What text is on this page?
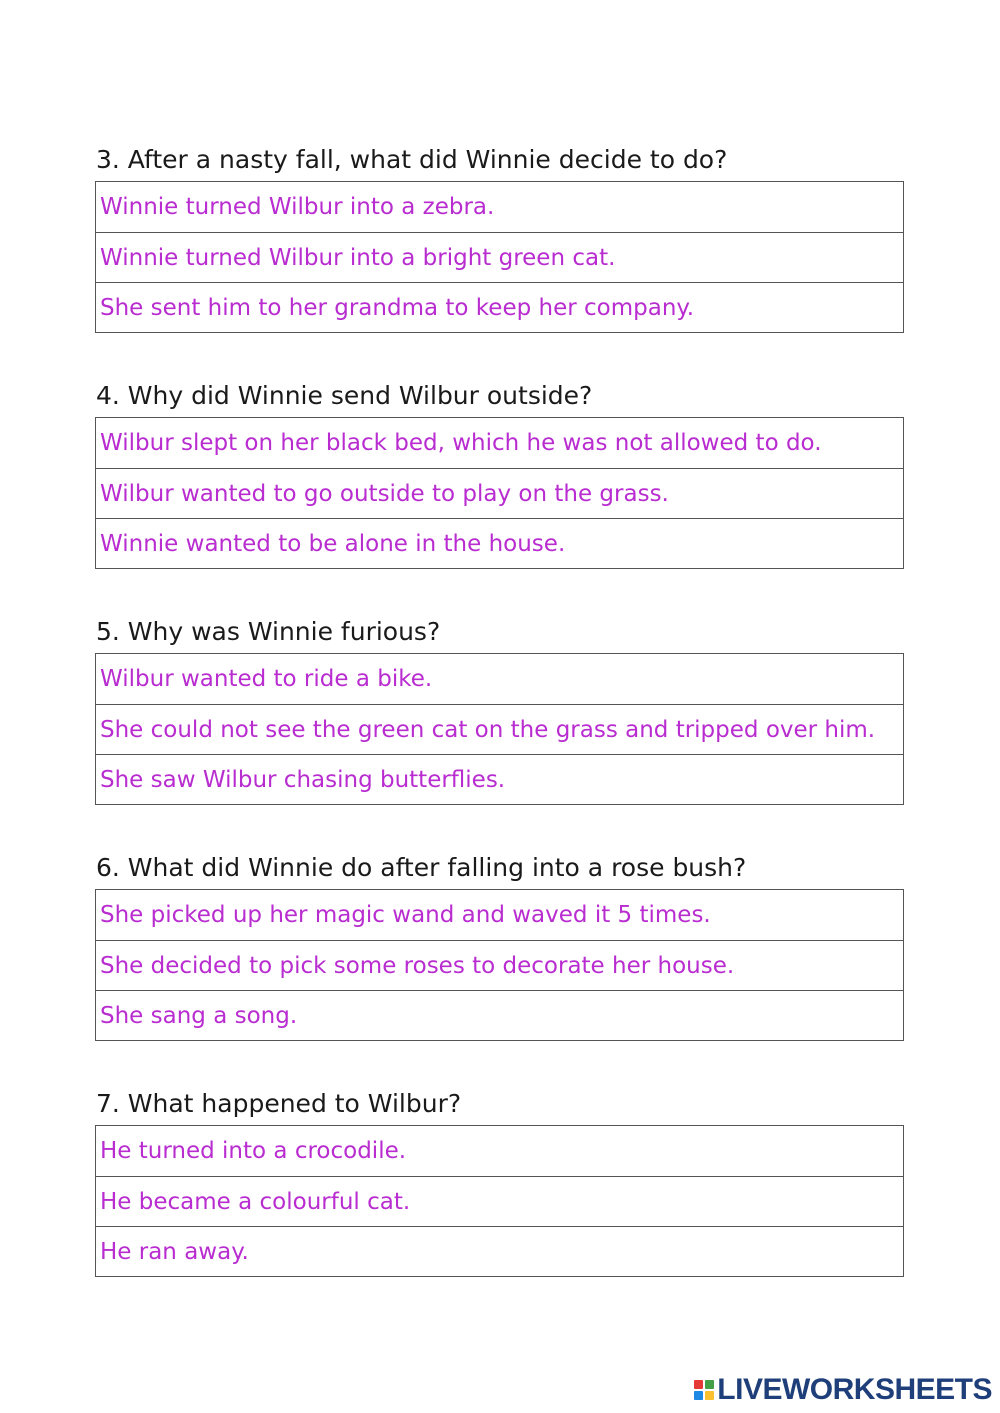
3. After a nasty fall, what did Winnie decide to do?
Winnie turned Wilbur into a zebra.
Winnie turned Wilbur into a bright green cat.
She sent him to her grandma to keep her company.
4. Why did Winnie send Wilbur outside?
Wilbur slept on her black bed, which he was not allowed to do.
Wilbur wanted to go outside to play on the grass.
Winnie wanted to be alone in the house.
5. Why was Winnie furious?
Wilbur wanted to ride a bike.
She could not see the green cat on the grass and tripped over him.
She saw Wilbur chasing butterflies.
6. What did Winnie do after falling into a rose bush?
She picked up her magic wand and waved it 5 times.
She decided to pick some roses to decorate her house.
She sang a song.
7. What happened to Wilbur?
He turned into a crocodile.
He became a colourful cat.
He ran away.
LIVEWORKSHEETS
